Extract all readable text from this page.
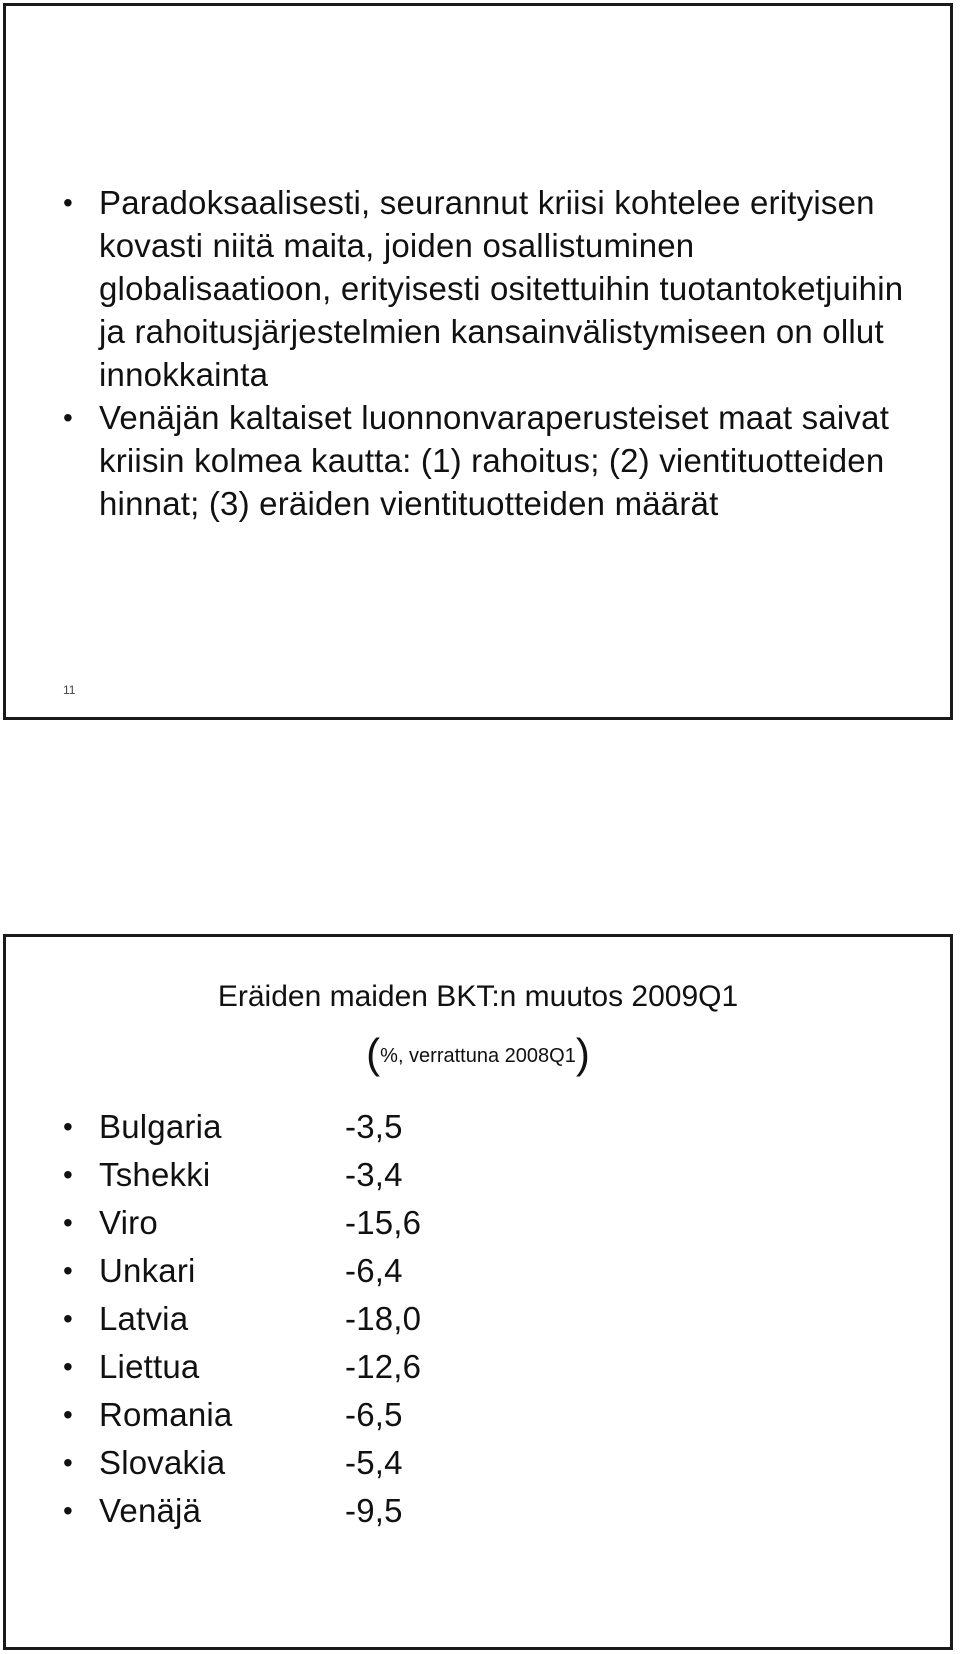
• Paradoksaalisesti, seurannut kriisi kohtelee erityisen kovasti niitä maita, joiden osallistuminen globalisaatioon, erityisesti ositettuihin tuotantoketjuihin ja rahoitusjärjestelmien kansainvälistymiseen on ollut innokkainta
• Venäjän kaltaiset luonnonvaraperusteiset maat saivat kriisin kolmea kautta: (1) rahoitus; (2) vientituotteiden hinnat; (3) eräiden vientituotteiden määrät
11
Eräiden maiden BKT:n muutos 2009Q1
(%, verrattuna 2008Q1)
• Bulgaria	-3,5
• Tshekki	-3,4
• Viro	-15,6
• Unkari	-6,4
• Latvia	-18,0
• Liettua	-12,6
• Romania	-6,5
• Slovakia	-5,4
• Venäjä	-9,5
